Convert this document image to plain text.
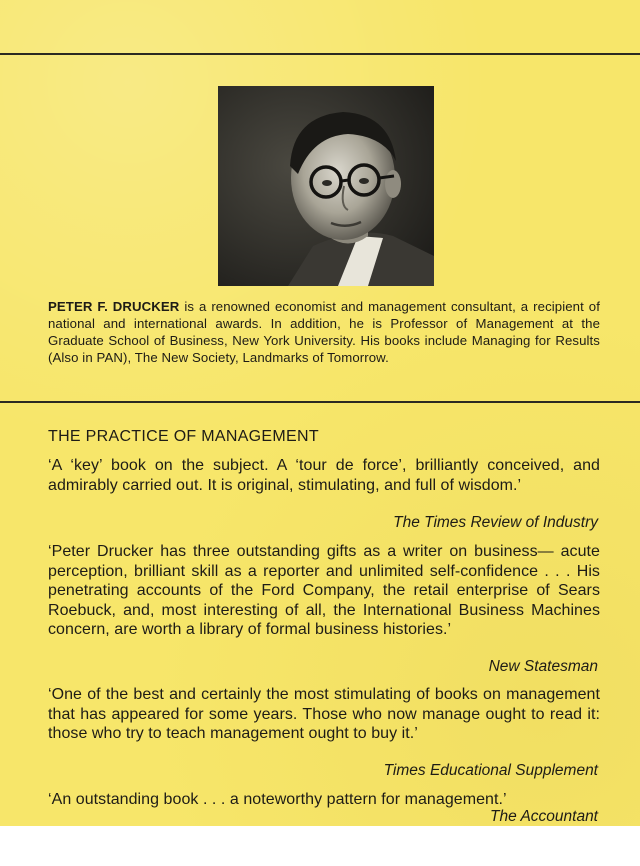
PETER F. DRUCKER is a renowned economist and management consultant, a recipient of national and international awards. In addition, he is Professor of Management at the Graduate School of Business, New York University. His books include Managing for Results (Also in PAN), The New Society, Landmarks of Tomorrow.
THE PRACTICE OF MANAGEMENT
‘A ‘key’ book on the subject. A ‘tour de force’, brilliantly conceived, and admirably carried out. It is original, stimulating, and full of wisdom.’
The Times Review of Industry
‘Peter Drucker has three outstanding gifts as a writer on business— acute perception, brilliant skill as a reporter and unlimited self-confidence . . . His penetrating accounts of the Ford Company, the retail enterprise of Sears Roebuck, and, most interesting of all, the International Business Machines concern, are worth a library of formal business histories.’
New Statesman
‘One of the best and certainly the most stimulating of books on management that has appeared for some years. Those who now manage ought to read it: those who try to teach management ought to buy it.’
Times Educational Supplement
‘An outstanding book . . . a noteworthy pattern for management.’
The Accountant
